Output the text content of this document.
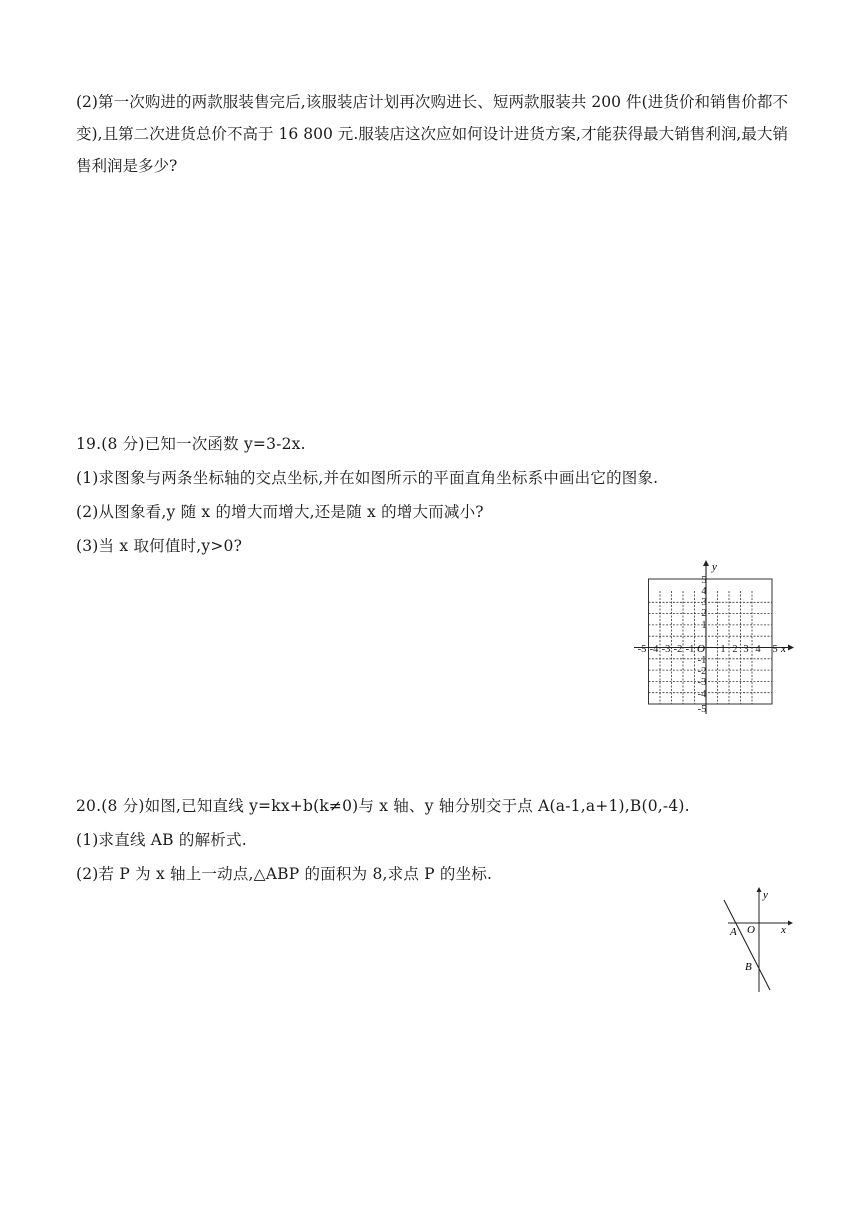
(2)第一次购进的两款服装售完后,该服装店计划再次购进长、短两款服装共 200 件(进货价和销售价都不变),且第二次进货总价不高于 16 800 元.服装店这次应如何设计进货方案,才能获得最大销售利润,最大销售利润是多少?
19.(8 分)已知一次函数 y=3-2x.
(1)求图象与两条坐标轴的交点坐标,并在如图所示的平面直角坐标系中画出它的图象.
(2)从图象看,y 随 x 的增大而增大,还是随 x 的增大而减小?
(3)当 x 取何值时,y>0?
y
x
O
-5 -4 -3 -2 -1 1 2 3 4 5
5
4
3
2
1
-1
-2
-3
-4
-5
20.(8 分)如图,已知直线 y=kx+b(k≠0)与 x 轴、y 轴分别交于点 A(a-1,a+1),B(0,-4).
(1)求直线 AB 的解析式.
(2)若 P 为 x 轴上一动点,△ABP 的面积为 8,求点 P 的坐标.
y
x
O
A
B
